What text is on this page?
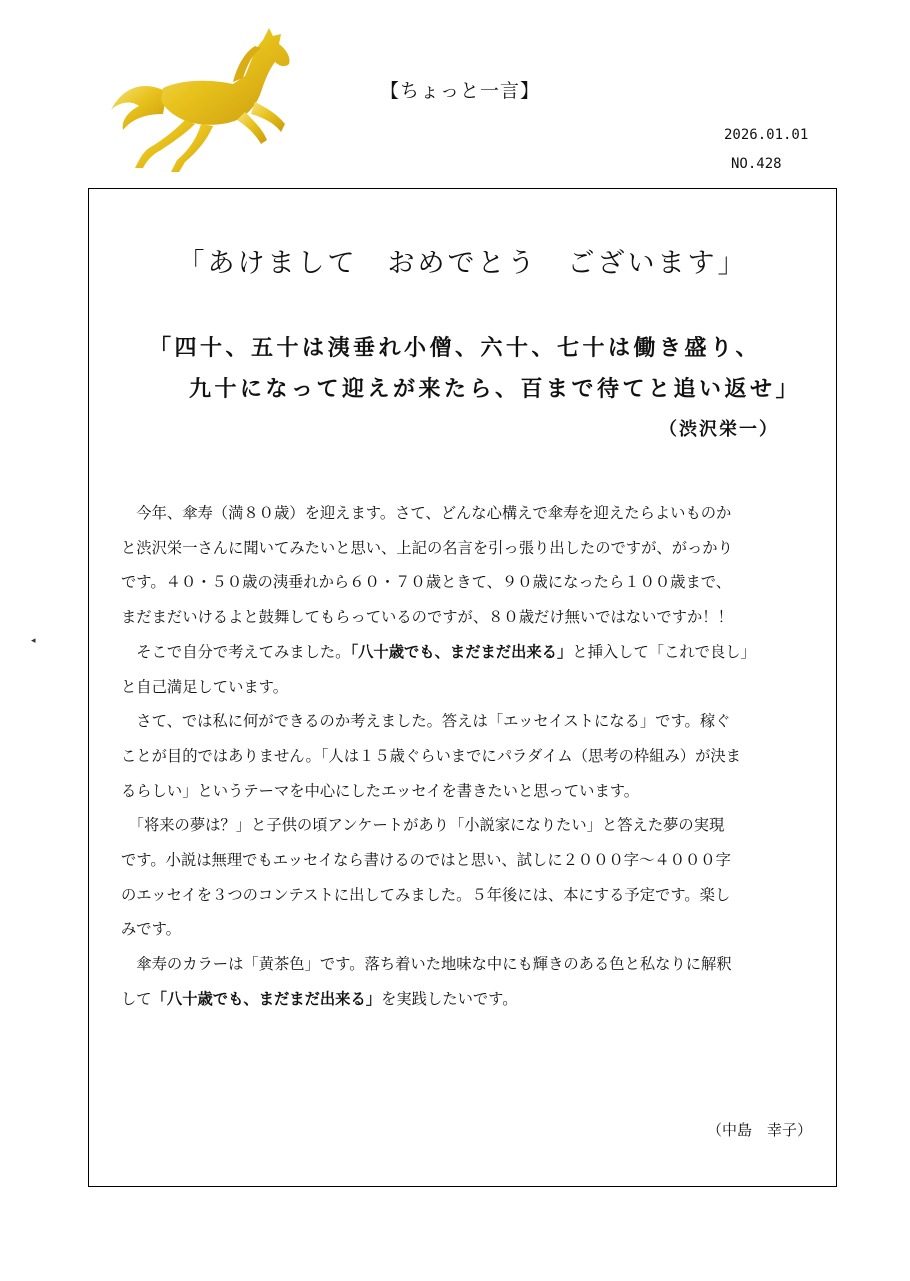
【ちょっと一言】
2026.01.01
NO.428
◂
「あけまして　おめでとう　ございます」
「四十、五十は洟垂れ小僧、六十、七十は働き盛り、
九十になって迎えが来たら、百まで待てと追い返せ」
（渋沢栄一）
　今年、傘寿（満８０歳）を迎えます。さて、どんな心構えで傘寿を迎えたらよいものか
と渋沢栄一さんに聞いてみたいと思い、上記の名言を引っ張り出したのですが、がっかり
です。４０・５０歳の洟垂れから６０・７０歳ときて、９０歳になったら１００歳まで、
まだまだいけるよと鼓舞してもらっているのですが、８０歳だけ無いではないですか！！
　そこで自分で考えてみました。「八十歳でも、まだまだ出来る」と挿入して「これで良し」
と自己満足しています。
　さて、では私に何ができるのか考えました。答えは「エッセイストになる」です。稼ぐ
ことが目的ではありません。「人は１５歳ぐらいまでにパラダイム（思考の枠組み）が決ま
るらしい」というテーマを中心にしたエッセイを書きたいと思っています。
　「将来の夢は？」と子供の頃アンケートがあり「小説家になりたい」と答えた夢の実現
です。小説は無理でもエッセイなら書けるのではと思い、試しに２０００字～４０００字
のエッセイを３つのコンテストに出してみました。５年後には、本にする予定です。楽し
みです。
　傘寿のカラーは「黄茶色」です。落ち着いた地味な中にも輝きのある色と私なりに解釈
して「八十歳でも、まだまだ出来る」を実践したいです。
（中島　幸子）
